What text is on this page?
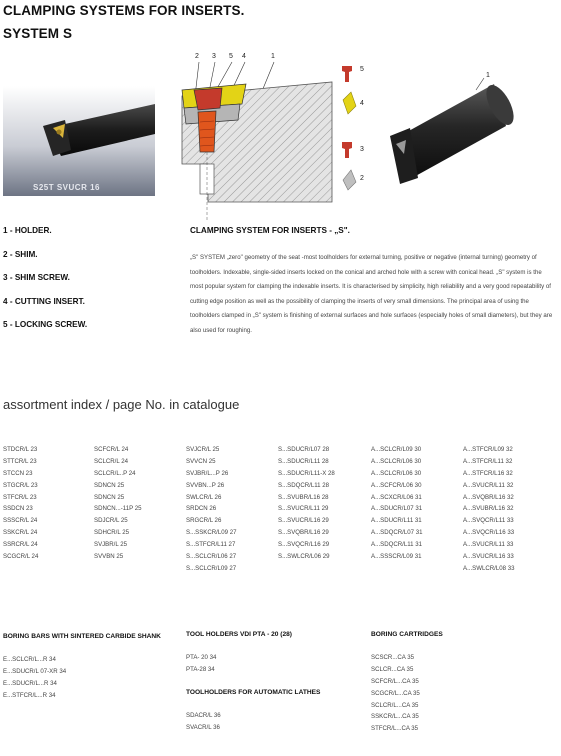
CLAMPING SYSTEMS FOR INSERTS.
SYSTEM S
S25T SVUCR 16
2 3 5 4	1
5
4
3
2
1
1 - HOLDER.
2 - SHIM.
3 - SHIM SCREW.
4 - CUTTING INSERT.
5 - LOCKING SCREW.
CLAMPING SYSTEM FOR INSERTS - „S".
„S" SYSTEM „zero" geometry of the seat -most toolholders for external turning, positive or negative (internal turning) geometry of toolholders. Indexable, single-sided inserts locked on the conical and arched hole with a screw with conical head. „S" system is the most popular system for clamping the indexable inserts. It is characterised by simplicity, high reliability and a very good repeatability of cutting edge position as well as the possibility of clamping the inserts of very small dimensions. The principal area of using the toolholders clamped in „S" system is finishing of external surfaces and hole surfaces (especially holes of small diameters), but they are also used for roughing.
assortment index / page No. in catalogue
STDCR/L 23
STTCR/L 23
STCCN 23
STGCR/L 23
STFCR/L 23
SSDCN 23
SSSCR/L 24
SSKCR/L 24
SSRCR/L 24
SCGCR/L 24
SCFCR/L 24
SCLCR/L 24
SCLCR/L..P 24
SDNCN 25
SDNCN 25
SDNCN...-11P 25
SDJCR/L 25
SDHCR/L 25
SVJBR/L 25
SVVBN 25
SVJCR/L 25
SVVCN 25
SVJBR/L...P 26
SVVBN...P 26
SWLCR/L 26
SRDCN 26
SRGCR/L 26
S...SSKCR/L09 27
S...STFCR/L11 27
S...SCLCR/L06 27
S...SCLCR/L09 27
S...SDUCR/L07 28
S...SDUCR/L11 28
S...SDUCR/L11-X 28
S...SDQCR/L11 28
S...SVUBR/L16 28
S...SVUCR/L11 29
S...SVUCR/L16 29
S...SVQBR/L16 29
S...SVQCR/L16 29
S...SWLCR/L06 29
A...SCLCR/L09 30
A...SCLCR/L06 30
A...SCLCR/L06 30
A...SCFCR/L06 30
A...SCXCR/L06 31
A...SDUCR/L07 31
A...SDUCR/L11 31
A...SDQCR/L07 31
A...SDQCR/L11 31
A...SSSCR/L09 31
A...STFCR/L09 32
A...STFCR/L11 32
A...STFCR/L16 32
A...SVUCR/L11 32
A...SVQBR/L16 32
A...SVUBR/L16 32
A...SVQCR/L11 33
A...SVQCR/L16 33
A...SVUCR/L11 33
A...SVUCR/L16 33
A...SWLCR/L08 33
BORING BARS WITH SINTERED CARBIDE SHANK
E...SCLCR/L...R 34
E...SDUCR/L 07-XR 34
E...SDUCR/L...R 34
E...STFCR/L...R 34
TOOL HOLDERS VDI PTA - 20 (28)
PTA- 20 34
PTA-28 34
TOOLHOLDERS FOR AUTOMATIC LATHES
SDACR/L 36
SVACR/L 36
BORING CARTRIDGES
SCSCR...CA 35
SCLCR...CA 35
SCFCR/L...CA 35
SCGCR/L...CA 35
SCLCR/L...CA 35
SSKCR/L...CA 35
STFCR/L...CA 35
